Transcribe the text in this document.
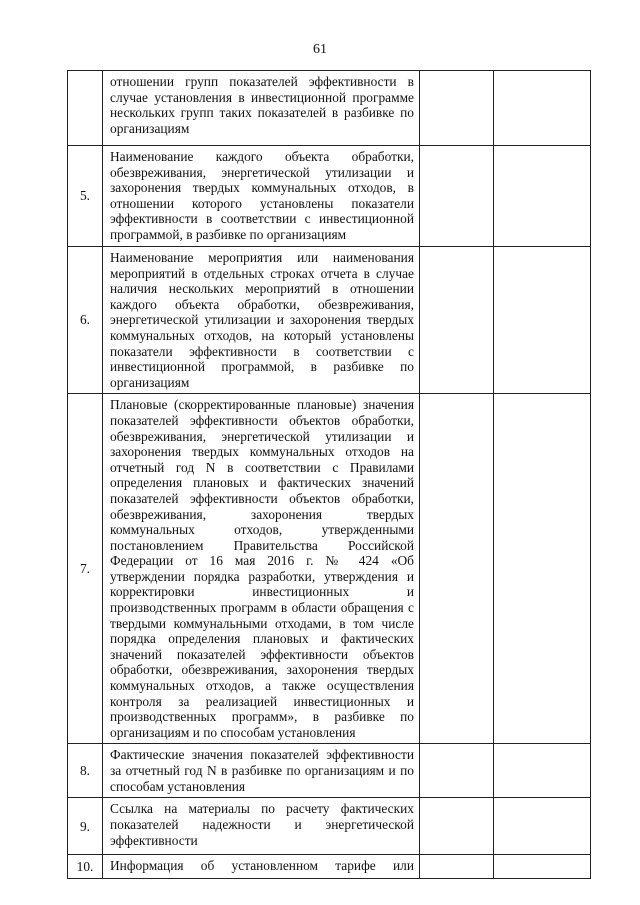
61
	отношении групп показателей эффективности в случае установления в инвестиционной программе нескольких групп таких показателей в разбивке по организациям		
5.	Наименование каждого объекта обработки, обезвреживания, энергетической утилизации и захоронения твердых коммунальных отходов, в отношении которого установлены показатели эффективности в соответствии с инвестиционной программой, в разбивке по организациям		
6.	Наименование мероприятия или наименования мероприятий в отдельных строках отчета в случае наличия нескольких мероприятий в отношении каждого объекта обработки, обезвреживания, энергетической утилизации и захоронения твердых коммунальных отходов, на который установлены показатели эффективности в соответствии с инвестиционной программой, в разбивке по организациям		
7.	Плановые (скорректированные плановые) значения показателей эффективности объектов обработки, обезвреживания, энергетической утилизации и захоронения твердых коммунальных отходов на отчетный год N в соответствии с Правилами определения плановых и фактических значений показателей эффективности объектов обработки, обезвреживания, захоронения твердых коммунальных отходов, утвержденными постановлением Правительства Российской Федерации от 16 мая 2016 г. № 424 «Об утверждении порядка разработки, утверждения и корректировки инвестиционных и производственных программ в области обращения с твердыми коммунальными отходами, в том числе порядка определения плановых и фактических значений показателей эффективности объектов обработки, обезвреживания, захоронения твердых коммунальных отходов, а также осуществления контроля за реализацией инвестиционных и производственных программ», в разбивке по организациям и по способам установления		
8.	Фактические значения показателей эффективности за отчетный год N в разбивке по организациям и по способам установления		
9.	Ссылка на материалы по расчету фактических показателей надежности и энергетической эффективности		
10.	Информация об установленном тарифе или		
